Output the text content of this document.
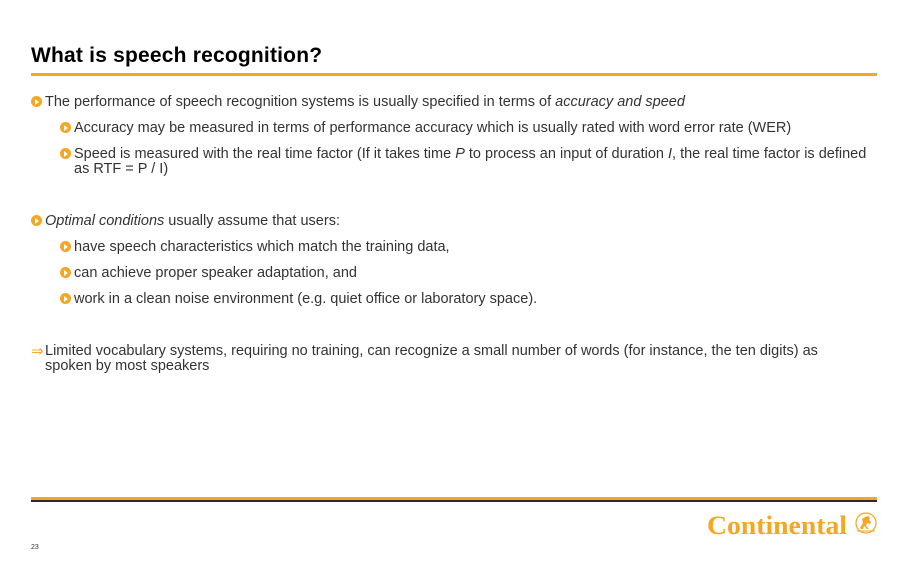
What is speech recognition?
The performance of speech recognition systems is usually specified in terms of accuracy and speed
Accuracy may be measured in terms of performance accuracy which is usually rated with word error rate (WER)
Speed is measured with the real time factor (If it takes time P to process an input of duration I, the real time factor is defined as RTF = P / I)
Optimal conditions usually assume that users:
have speech characteristics which match the training data,
can achieve proper speaker adaptation, and
work in a clean noise environment (e.g. quiet office or laboratory space).
⇒ Limited vocabulary systems, requiring no training, can recognize a small number of words (for instance, the ten digits) as spoken by most speakers
23
Continental
